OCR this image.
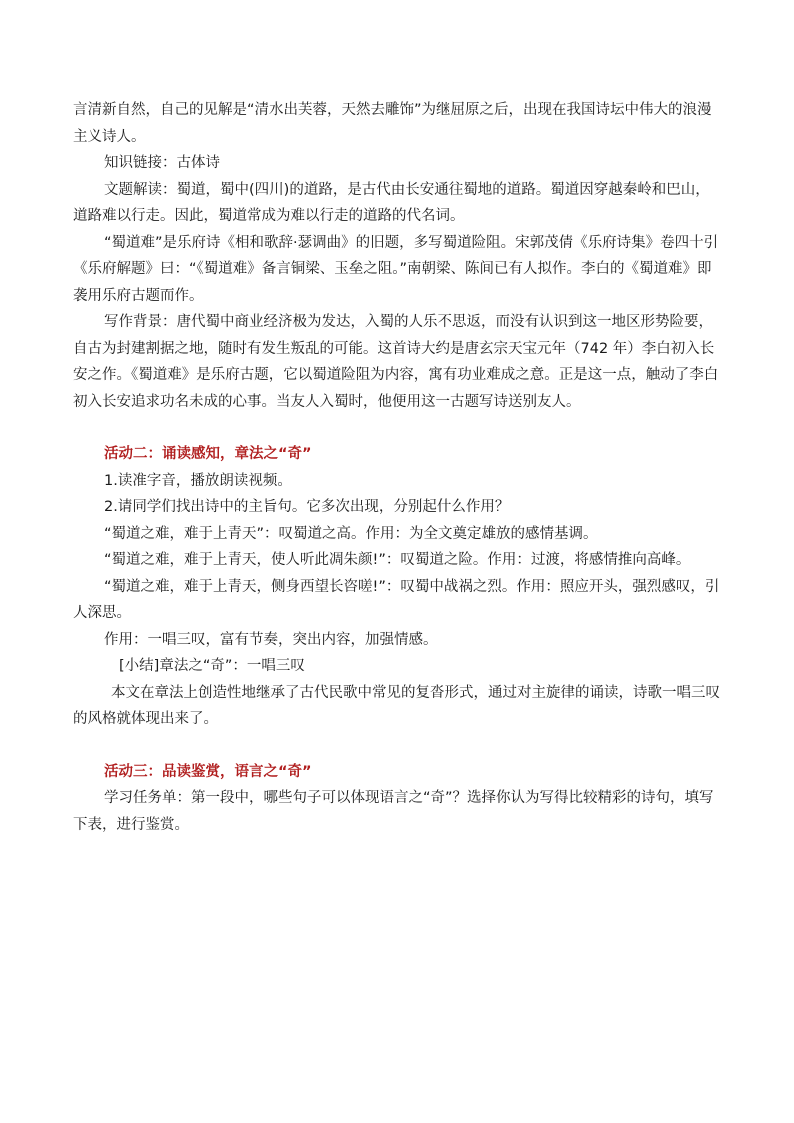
言清新自然，自己的见解是“清水出芙蓉，天然去雕饰”为继屈原之后，出现在我国诗坛中伟大的浪漫主义诗人。

知识链接：古体诗

文题解读：蜀道，蜀中(四川)的道路，是古代由长安通往蜀地的道路。蜀道因穿越秦岭和巴山，道路难以行走。因此，蜀道常成为难以行走的道路的代名词。

“蜀道难”是乐府诗《相和歌辞·瑟调曲》的旧题，多写蜀道险阻。宋郭茂倩《乐府诗集》卷四十引《乐府解题》曰：“《蜀道难》备言铜梁、玉垒之阻。”南朝梁、陈间已有人拟作。李白的《蜀道难》即袭用乐府古题而作。

写作背景：唐代蜀中商业经济极为发达，入蜀的人乐不思返，而没有认识到这一地区形势险要，自古为封建割据之地，随时有发生叛乱的可能。这首诗大约是唐玄宗天宝元年（742 年）李白初入长安之作。《蜀道难》是乐府古题，它以蜀道险阻为内容，寓有功业难成之意。正是这一点，触动了李白初入长安追求功名未成的心事。当友人入蜀时，他便用这一古题写诗送别友人。

活动二：诵读感知，章法之“奇”

1.读准字音，播放朗读视频。

2.请同学们找出诗中的主旨句。它多次出现，分别起什么作用？

“蜀道之难，难于上青天”：叹蜀道之高。作用：为全文奠定雄放的感情基调。

“蜀道之难，难于上青天，使人听此凋朱颜!”：叹蜀道之险。作用：过渡，将感情推向高峰。

“蜀道之难，难于上青天，侧身西望长咨嗟!”：叹蜀中战祸之烈。作用：照应开头，强烈感叹，引人深思。

作用：一唱三叹，富有节奏，突出内容，加强情感。

[小结]章法之“奇”：一唱三叹

本文在章法上创造性地继承了古代民歌中常见的复沓形式，通过对主旋律的诵读，诗歌一唱三叹的风格就体现出来了。

活动三：品读鉴赏，语言之“奇”

学习任务单：第一段中，哪些句子可以体现语言之“奇”？选择你认为写得比较精彩的诗句，填写下表，进行鉴赏。
